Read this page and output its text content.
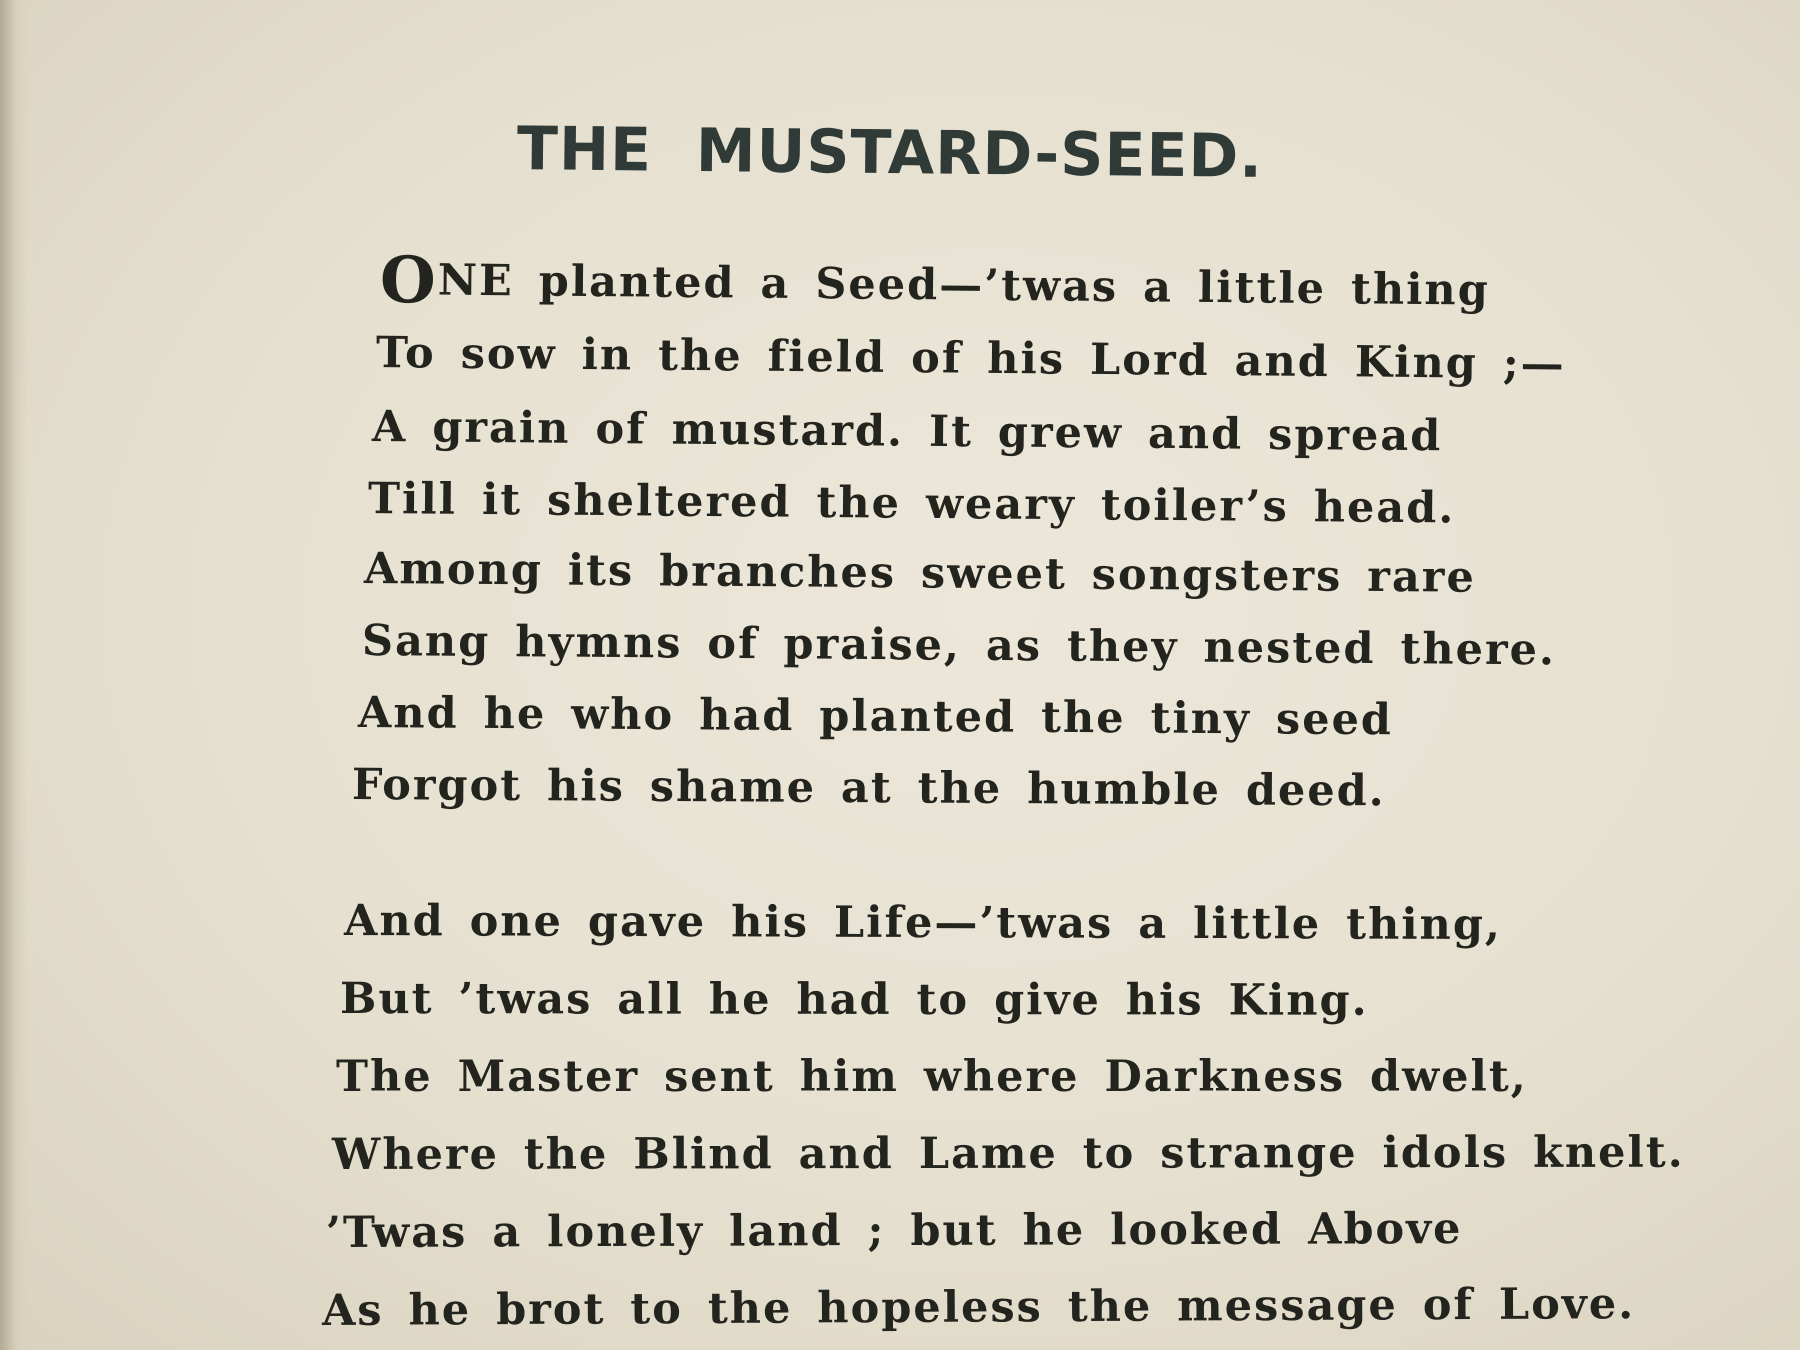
THE  MUSTARD-SEED.
ONE planted a Seed—’twas a little thing
To sow in the field of his Lord and King ;—
A grain of mustard. It grew and spread
Till it sheltered the weary toiler’s head.
Among its branches sweet songsters rare
Sang hymns of praise, as they nested there.
And he who had planted the tiny seed
Forgot his shame at the humble deed.
And one gave his Life—’twas a little thing,
But ’twas all he had to give his King.
The Master sent him where Darkness dwelt,
Where the Blind and Lame to strange idols knelt.
’Twas a lonely land ; but he looked Above
As he brot to the hopeless the message of Love.
